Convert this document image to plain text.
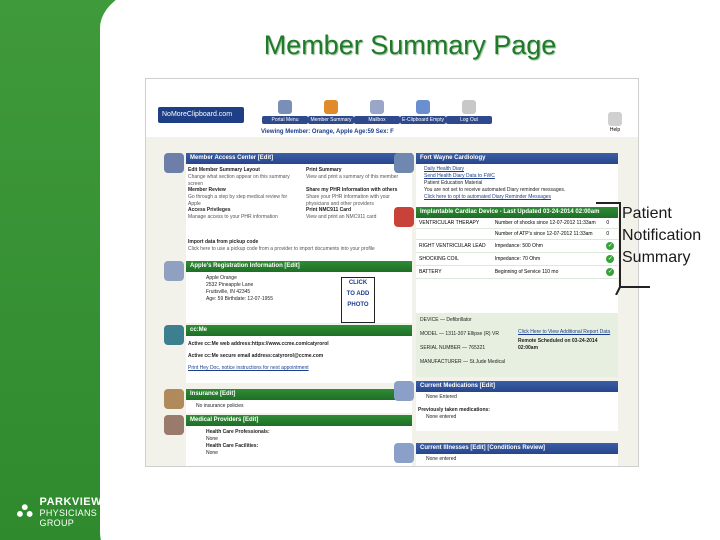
PARKVIEW
PHYSICIANS GROUP
Member Summary Page
NoMoreClipboard.com
Portal Menu	Member Summary	Mailbox	E-Clipboard Empty	Log Out
Help
Viewing Member: Orange, Apple Age:59 Sex: F
Member Access Center [Edit]
Edit Member Summary Layout
Change what section appear on this summary screen
Member Review
Go through a step by step medical review for Apple
Access Privileges
Manage access to your PHR information
Print Summary
View and print a summary of this member
Share my PHR Information with others
Share your PHR information with your physicians and other providers
Print NMC911 Card
View and print an NMC911 card
Import data from pickup code
Click here to use a pickup code from a provider to import documents into your profile
Apple's Registration Information [Edit]
Apple Orange
2532 Pineapple Lane
Fruitsville, IN 42345
Age: 59 Birthdate: 12-07-1955
CLICK
TO ADD
PHOTO
cc:Me
Active cc:Me web address:https://www.ccme.com/catyrorol
Active cc:Me secure email address:catyrorol@ccme.com
Print Hey Doc, notice instructions for next appointment
Insurance [Edit]
No insurance policies
Medical Providers [Edit]
Health Care Professionals:
None
Health Care Facilities:
None
Fort Wayne Cardiology
Daily Health Diary
Send Health Diary Data to FWC
Patient Education Material
You are not set to receive automated Diary reminder messages.
Click here to opt to automated Diary Reminder Messages
Implantable Cardiac Device - Last Updated 03-24-2014 02:00am
VENTRICULAR THERAPY	Number of shocks since 12-07-2012 11:33am	0
	Number of ATP's since 12-07-2012 11:33am	0
RIGHT VENTRICULAR LEAD	Impedance: 500 Ohm	✓
SHOCKING COIL	Impedance: 70 Ohm	✓
BATTERY	Beginning of Service 110 mo	✓
DEVICE — Defibrillator
MODEL — 1311-307 Ellipse (R) VR
SERIAL NUMBER — 765321
MANUFACTURER — St.Jude Medical
Click Here to View Additional Report Data
Remote Scheduled on 03-24-2014 02:00am
Current Medications [Edit]
None Entered
Previously taken medications:
None entered
Current Illnesses [Edit] [Conditions Review]
None entered
Patient
Notification
Summary
